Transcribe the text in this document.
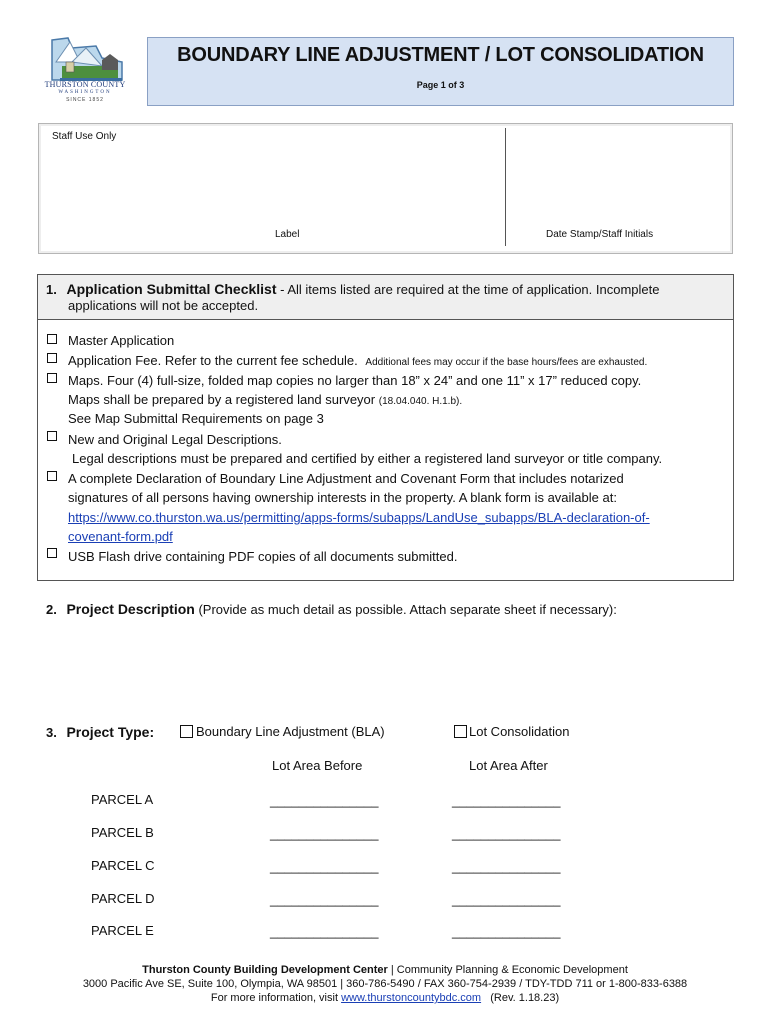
THURSTON COUNTY
WASHINGTON
SINCE 1852
BOUNDARY LINE ADJUSTMENT / LOT CONSOLIDATION
Page 1 of 3
Staff Use Only
Label	Date Stamp/Staff Initials
1. Application Submittal Checklist - All items listed are required at the time of application. Incomplete
applications will not be accepted.
Master Application
Application Fee. Refer to the current fee schedule. Additional fees may occur if the base hours/fees are exhausted.
Maps. Four (4) full-size, folded map copies no larger than 18” x 24” and one 11” x 17” reduced copy.
Maps shall be prepared by a registered land surveyor (18.04.040. H.1.b).
See Map Submittal Requirements on page 3
New and Original Legal Descriptions.
Legal descriptions must be prepared and certified by either a registered land surveyor or title company.
A complete Declaration of Boundary Line Adjustment and Covenant Form that includes notarized
signatures of all persons having ownership interests in the property. A blank form is available at:
https://www.co.thurston.wa.us/permitting/apps-forms/subapps/LandUse_subapps/BLA-declaration-of-
covenant-form.pdf
USB Flash drive containing PDF copies of all documents submitted.
2. Project Description (Provide as much detail as possible. Attach separate sheet if necessary):
3. Project Type:	Boundary Line Adjustment (BLA)	Lot Consolidation
Lot Area Before	Lot Area After
PARCEL A	_______________	_______________
PARCEL B	_______________	_______________
PARCEL C	_______________	_______________
PARCEL D	_______________	_______________
PARCEL E	_______________	_______________
Thurston County Building Development Center | Community Planning & Economic Development
3000 Pacific Ave SE, Suite 100, Olympia, WA 98501 | 360-786-5490 / FAX 360-754-2939 / TDY-TDD 711 or 1-800-833-6388
For more information, visit www.thurstoncountybdc.com   (Rev. 1.18.23)
